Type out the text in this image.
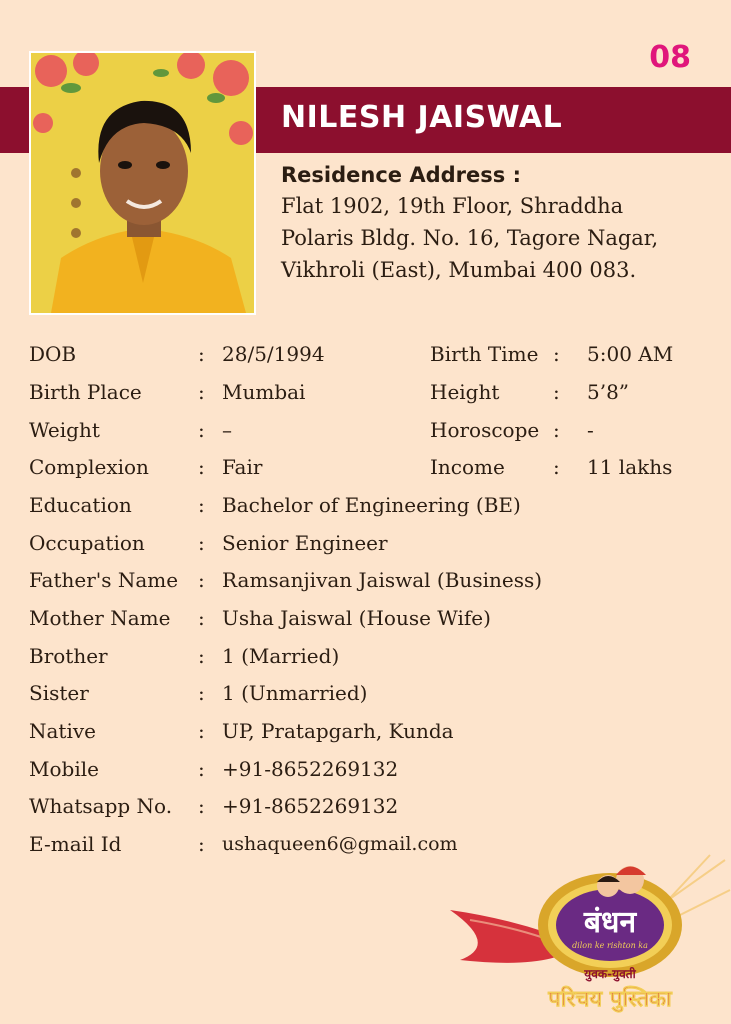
08
NILESH JAISWAL
Residence Address :
Flat 1902, 19th Floor, Shraddha
Polaris Bldg. No. 16, Tagore Nagar,
Vikhroli (East), Mumbai 400 083.
DOB	: 28/5/1994	Birth Time : 5:00 AM
Birth Place	: Mumbai	Height	: 5’8”
Weight	: –	Horoscope : -
Complexion : Fair	Income : 11 lakhs
Education	: Bachelor of Engineering (BE)
Occupation	: Senior Engineer
Father's Name : Ramsanjivan Jaiswal (Business)
Mother Name : Usha Jaiswal (House Wife)
Brother	: 1 (Married)
Sister	: 1 (Unmarried)
Native	: UP, Pratapgarh, Kunda
Mobile	: +91-8652269132
Whatsapp No. : +91-8652269132
E-mail Id	: ushaqueen6@gmail.com
बंधन
dilon ke rishton ka
युवक-युवती
परिचय पुस्तिका
